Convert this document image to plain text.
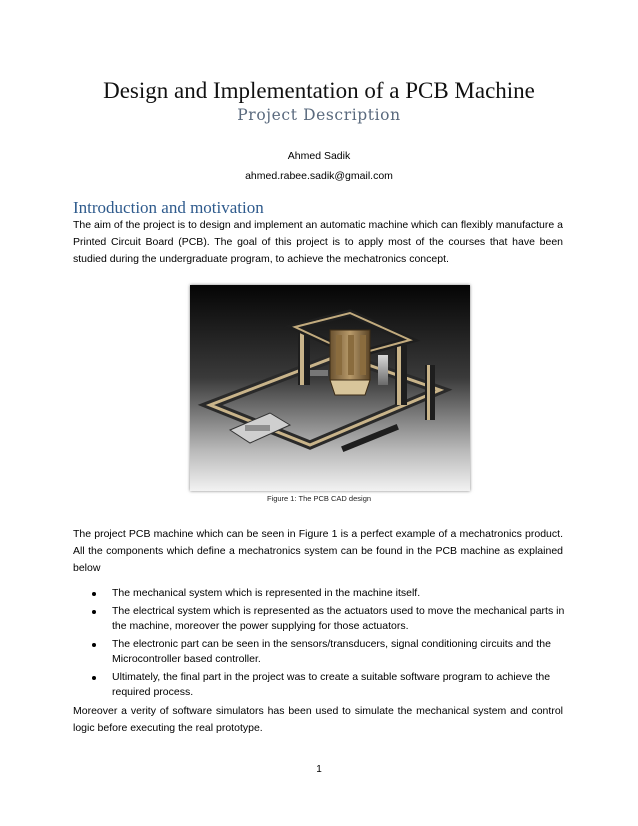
Design and Implementation of a PCB Machine
Project Description
Ahmed Sadik
ahmed.rabee.sadik@gmail.com
Introduction and motivation
The aim of the project is to design and implement an automatic machine which can flexibly manufacture a Printed Circuit Board (PCB). The goal of this project is to apply most of the courses that have been studied during the undergraduate program, to achieve the mechatronics concept.
Figure 1: The PCB CAD design
The project PCB machine which can be seen in Figure 1 is a perfect example of a mechatronics product. All the components which define a mechatronics system can be found in the PCB machine as explained below
The mechanical system which is represented in the machine itself.
The electrical system which is represented as the actuators used to move the mechanical parts in the machine, moreover the power supplying for those actuators.
The electronic part can be seen in the sensors/transducers, signal conditioning circuits and the Microcontroller based controller.
Ultimately, the final part in the project was to create a suitable software program to achieve the required process.
Moreover a verity of software simulators has been used to simulate the mechanical system and control logic before executing the real prototype.
1
